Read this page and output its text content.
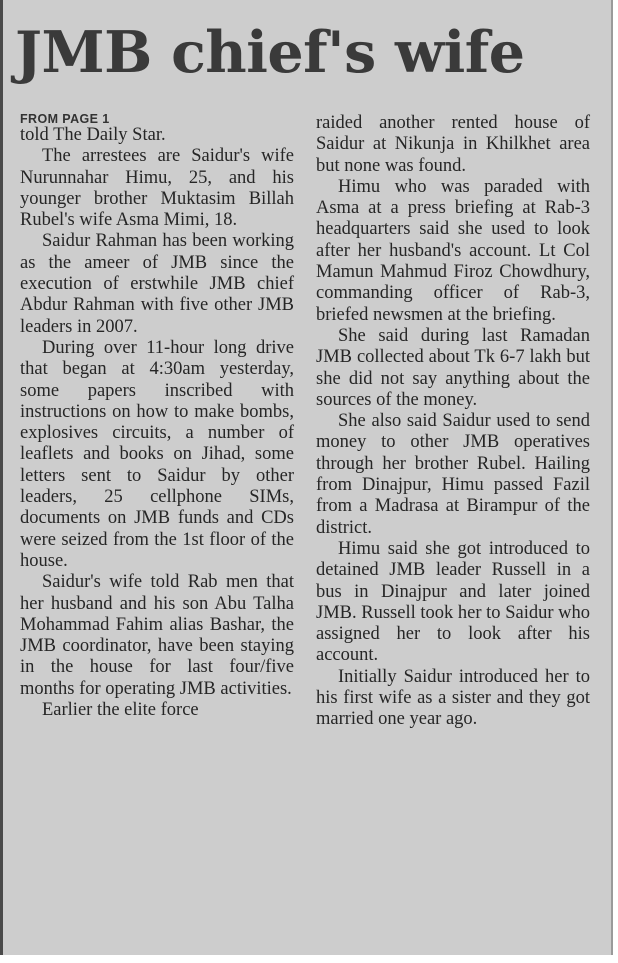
JMB chief's wife
FROM PAGE 1

told The Daily Star.

The arrestees are Saidur's wife Nurunnahar Himu, 25, and his younger brother Muktasim Billah Rubel's wife Asma Mimi, 18.

Saidur Rahman has been working as the ameer of JMB since the execution of erstwhile JMB chief Abdur Rahman with five other JMB leaders in 2007.

During over 11-hour long drive that began at 4:30am yesterday, some papers inscribed with instructions on how to make bombs, explosives circuits, a number of leaflets and books on Jihad, some letters sent to Saidur by other leaders, 25 cellphone SIMs, documents on JMB funds and CDs were seized from the 1st floor of the house.

Saidur's wife told Rab men that her husband and his son Abu Talha Mohammad Fahim alias Bashar, the JMB coordinator, have been staying in the house for last four/five months for operating JMB activities.

Earlier the elite force

raided another rented house of Saidur at Nikunja in Khilkhet area but none was found.

Himu who was paraded with Asma at a press briefing at Rab-3 headquarters said she used to look after her husband's account. Lt Col Mamun Mahmud Firoz Chowdhury, commanding officer of Rab-3, briefed newsmen at the briefing.

She said during last Ramadan JMB collected about Tk 6-7 lakh but she did not say anything about the sources of the money.

She also said Saidur used to send money to other JMB operatives through her brother Rubel. Hailing from Dinajpur, Himu passed Fazil from a Madrasa at Birampur of the district.

Himu said she got introduced to detained JMB leader Russell in a bus in Dinajpur and later joined JMB. Russell took her to Saidur who assigned her to look after his account.

Initially Saidur introduced her to his first wife as a sister and they got married one year ago.
